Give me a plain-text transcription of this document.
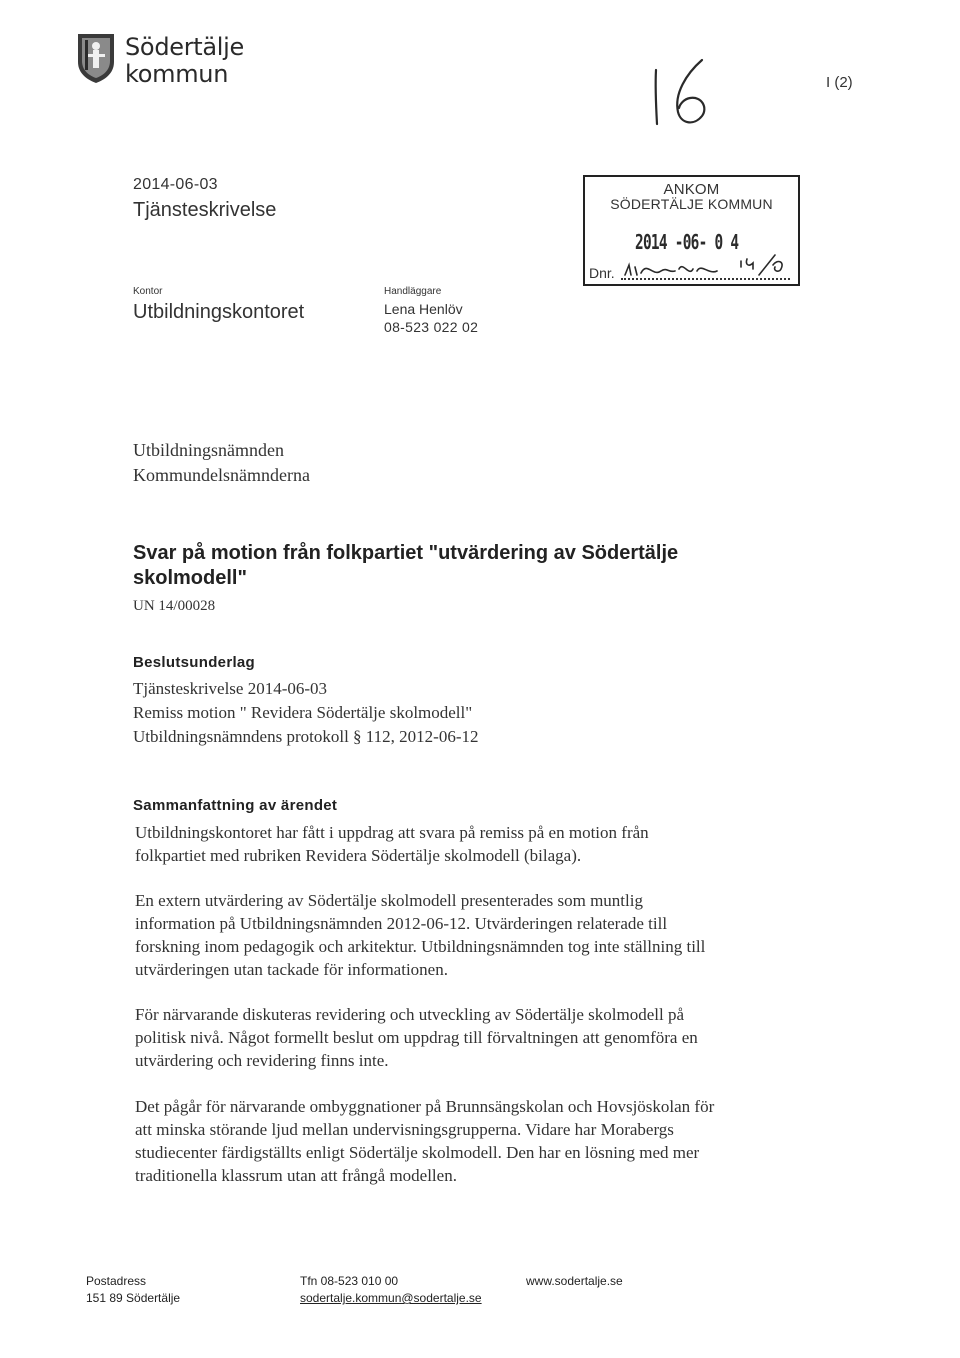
Södertälje
kommun	I (2)
2014-06-03
Tjänsteskrivelse
ANKOM
SÖDERTÄLJE KOMMUN
2014 -06- 0 4
Dnr.
Kontor
Utbildningskontoret
Handläggare
Lena Henlöv
08-523 022 02
Utbildningsnämnden
Kommundelsnämnderna
Svar på motion från folkpartiet "utvärdering av Södertälje
skolmodell"
UN 14/00028
Beslutsunderlag
Tjänsteskrivelse 2014-06-03
Remiss motion " Revidera Södertälje skolmodell"
Utbildningsnämndens protokoll § 112, 2012-06-12
Sammanfattning av ärendet
Utbildningskontoret har fått i uppdrag att svara på remiss på en motion från
folkpartiet med rubriken Revidera Södertälje skolmodell (bilaga).
En extern utvärdering av Södertälje skolmodell presenterades som muntlig
information på Utbildningsnämnden 2012-06-12. Utvärderingen relaterade till
forskning inom pedagogik och arkitektur. Utbildningsnämnden tog inte ställning till
utvärderingen utan tackade för informationen.
För närvarande diskuteras revidering och utveckling av Södertälje skolmodell på
politisk nivå. Något formellt beslut om uppdrag till förvaltningen att genomföra en
utvärdering och revidering finns inte.
Det pågår för närvarande ombyggnationer på Brunnsängskolan och Hovsjöskolan för
att minska störande ljud mellan undervisningsgrupperna. Vidare har Morabergs
studiecenter färdigställts enligt Södertälje skolmodell. Den har en lösning med mer
traditionella klassrum utan att frångå modellen.
Postadress
151 89 Södertälje
Tfn 08-523 010 00
sodertalje.kommun@sodertalje.se
www.sodertalje.se
